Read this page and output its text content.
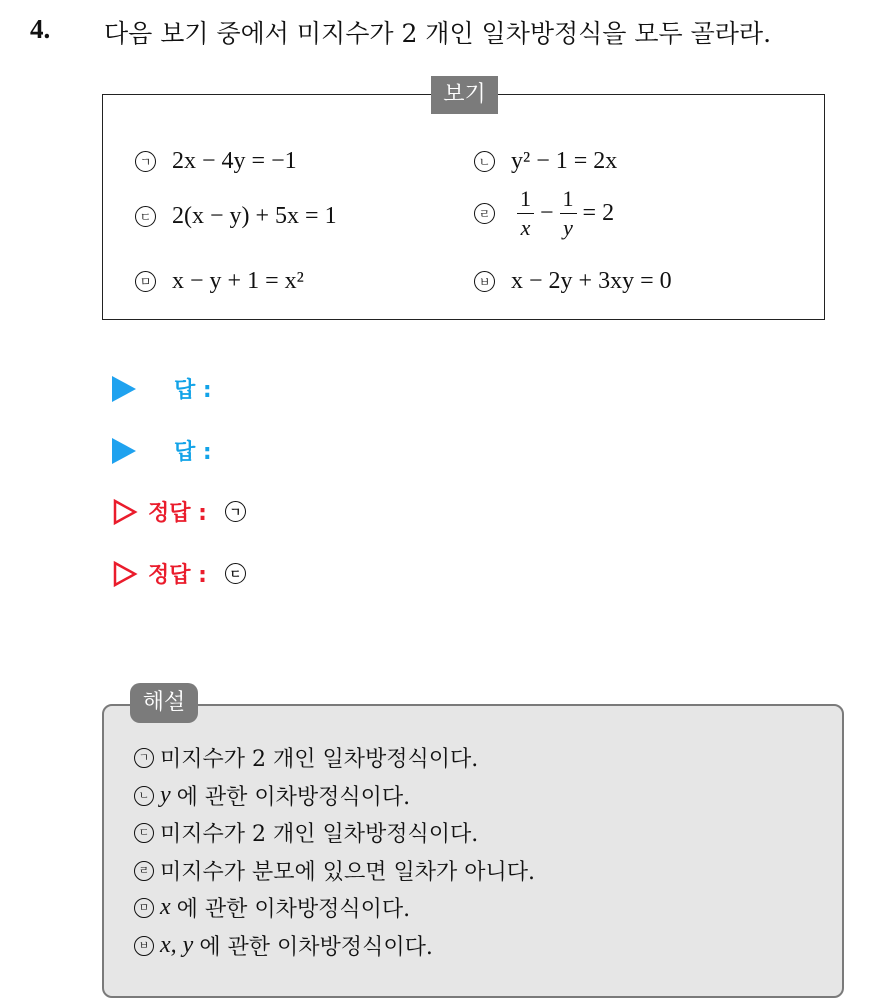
4. 다음 보기 중에서 미지수가 2 개인 일차방정식을 모두 골라라.
보기
ㄱ 2x − 4y = −1	ㄴ y² − 1 = 2x
ㄷ 2(x − y) + 5x = 1	ㄹ $\frac{1}{x} - \frac{1}{y} = 2$
ㅁ x − y + 1 = x²	ㅂ x − 2y + 3xy = 0
답 :
답 :
정답 :	ㄱ
정답 :	ㄷ
해설
ㄱ 미지수가 2 개인 일차방정식이다.
ㄴ y 에 관한 이차방정식이다.
ㄷ 미지수가 2 개인 일차방정식이다.
ㄹ 미지수가 분모에 있으면 일차가 아니다.
ㅁ x 에 관한 이차방정식이다.
ㅂ x, y 에 관한 이차방정식이다.
